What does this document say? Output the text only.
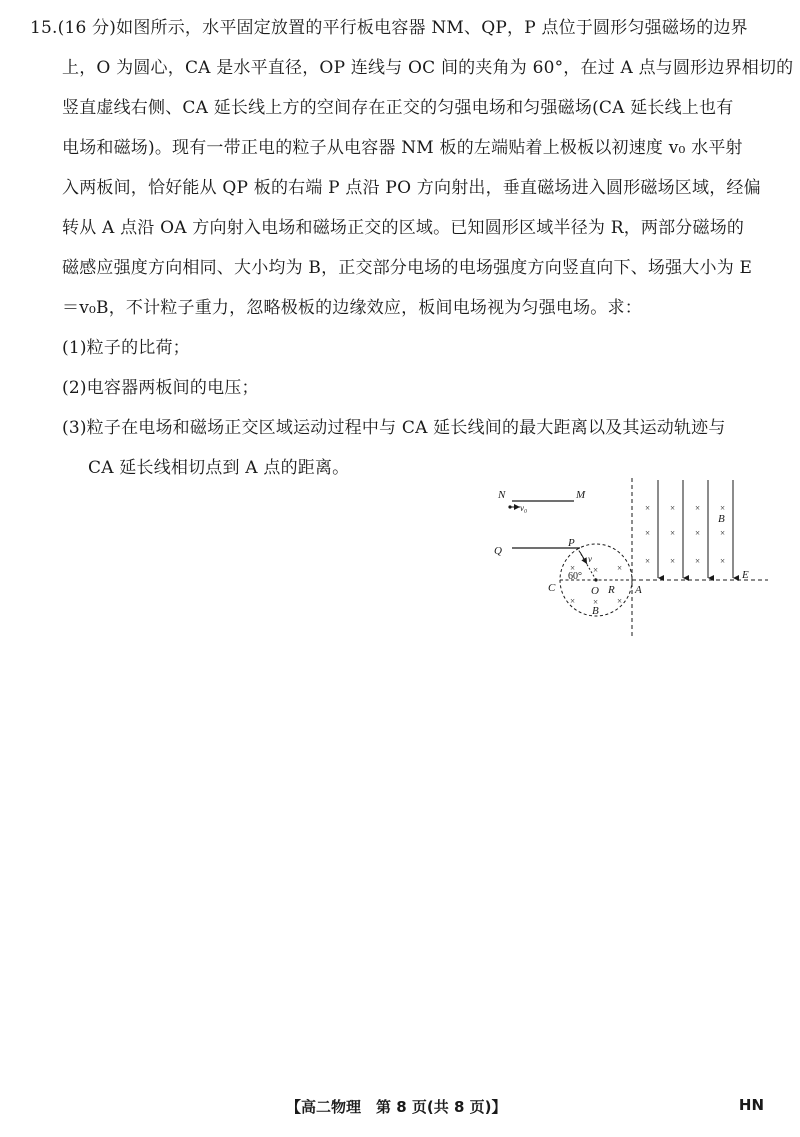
15.(16 分)如图所示，水平固定放置的平行板电容器 NM、QP，P 点位于圆形匀强磁场的边界
上，O 为圆心，CA 是水平直径，OP 连线与 OC 间的夹角为 60°，在过 A 点与圆形边界相切的
竖直虚线右侧、CA 延长线上方的空间存在正交的匀强电场和匀强磁场(CA 延长线上也有
电场和磁场)。现有一带正电的粒子从电容器 NM 板的左端贴着上极板以初速度 v₀ 水平射
入两板间，恰好能从 QP 板的右端 P 点沿 PO 方向射出，垂直磁场进入圆形磁场区域，经偏
转从 A 点沿 OA 方向射入电场和磁场正交的区域。已知圆形区域半径为 R，两部分磁场的
磁感应强度方向相同、大小均为 B，正交部分电场的电场强度方向竖直向下、场强大小为 E
＝v₀B，不计粒子重力，忽略极板的边缘效应，板间电场视为匀强电场。求：
(1)粒子的比荷；
(2)电容器两板间的电压；
(3)粒子在电场和磁场正交区域运动过程中与 CA 延长线间的最大距离以及其运动轨迹与
CA 延长线相切点到 A 点的距离。
N	M
Q
P
v₀
v
60°
C	O R A
B
× × ×
× × ×
× × × ×
× × × ×
× × × ×
B
E
【高二物理　第 8 页(共 8 页)】	HN
